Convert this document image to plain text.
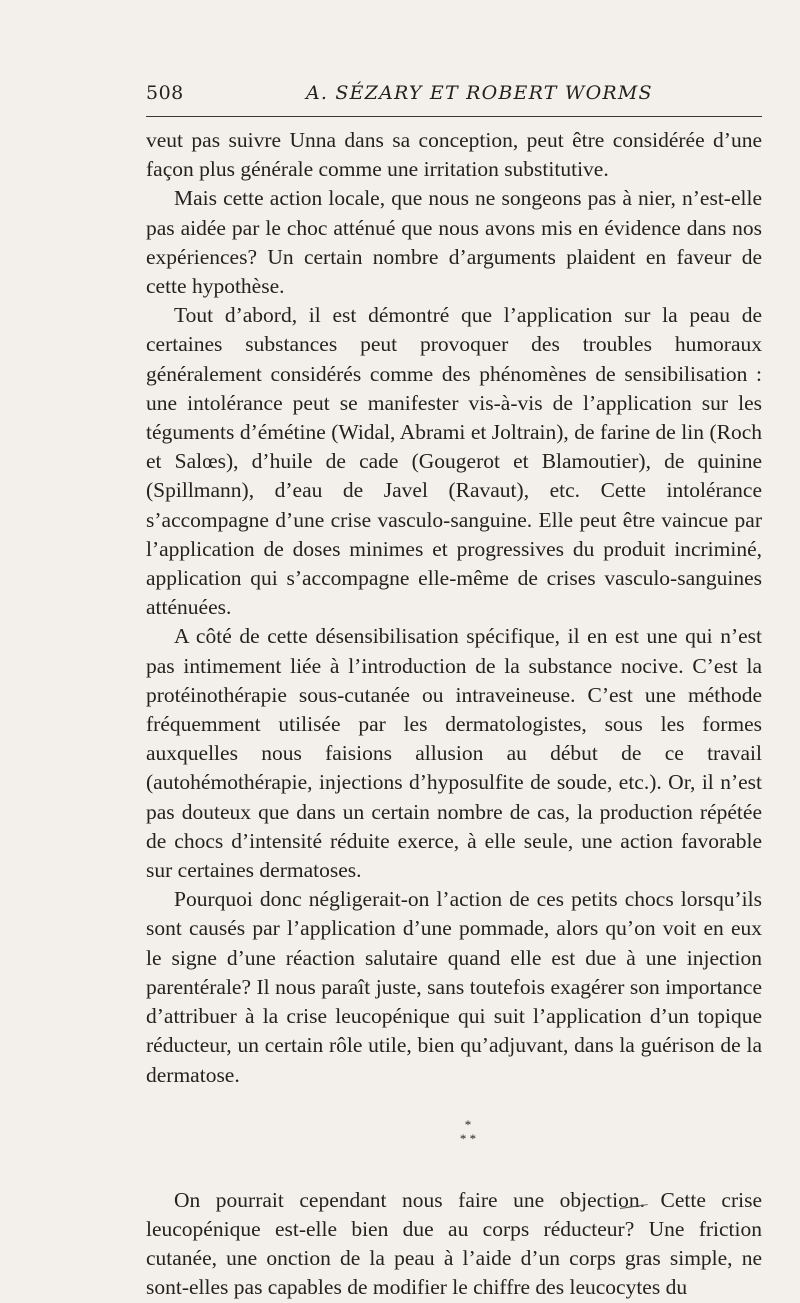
508	A. SÉZARY ET ROBERT WORMS

veut pas suivre Unna dans sa conception, peut être considérée d’une façon plus générale comme une irritation substitutive.

Mais cette action locale, que nous ne songeons pas à nier, n’est-elle pas aidée par le choc atténué que nous avons mis en évidence dans nos expériences? Un certain nombre d’arguments plaident en faveur de cette hypothèse.

Tout d’abord, il est démontré que l’application sur la peau de certaines substances peut provoquer des troubles humoraux généralement considérés comme des phénomènes de sensibilisation : une intolérance peut se manifester vis-à-vis de l’application sur les téguments d’émétine (Widal, Abrami et Joltrain), de farine de lin (Roch et Salœs), d’huile de cade (Gougerot et Blamoutier), de quinine (Spillmann), d’eau de Javel (Ravaut), etc. Cette intolérance s’accompagne d’une crise vasculo-sanguine. Elle peut être vaincue par l’application de doses minimes et progressives du produit incriminé, application qui s’accompagne elle-même de crises vasculo-sanguines atténuées.

A côté de cette désensibilisation spécifique, il en est une qui n’est pas intimement liée à l’introduction de la substance nocive. C’est la protéinothérapie sous-cutanée ou intraveineuse. C’est une méthode fréquemment utilisée par les dermatologistes, sous les formes auxquelles nous faisions allusion au début de ce travail (autohémothérapie, injections d’hyposulfite de soude, etc.). Or, il n’est pas douteux que dans un certain nombre de cas, la production répétée de chocs d’intensité réduite exerce, à elle seule, une action favorable sur certaines dermatoses.

Pourquoi donc négligerait-on l’action de ces petits chocs lorsqu’ils sont causés par l’application d’une pommade, alors qu’on voit en eux le signe d’une réaction salutaire quand elle est due à une injection parentérale? Il nous paraît juste, sans toutefois exagérer son importance d’attribuer à la crise leucopénique qui suit l’application d’un topique réducteur, un certain rôle utile, bien qu’adjuvant, dans la guérison de la dermatose.

*
* *

On pourrait cependant nous faire une objection. Cette crise leucopénique est-elle bien due au corps réducteur? Une friction cutanée, une onction de la peau à l’aide d’un corps gras simple, ne sont-elles pas capables de modifier le chiffre des leucocytes du
